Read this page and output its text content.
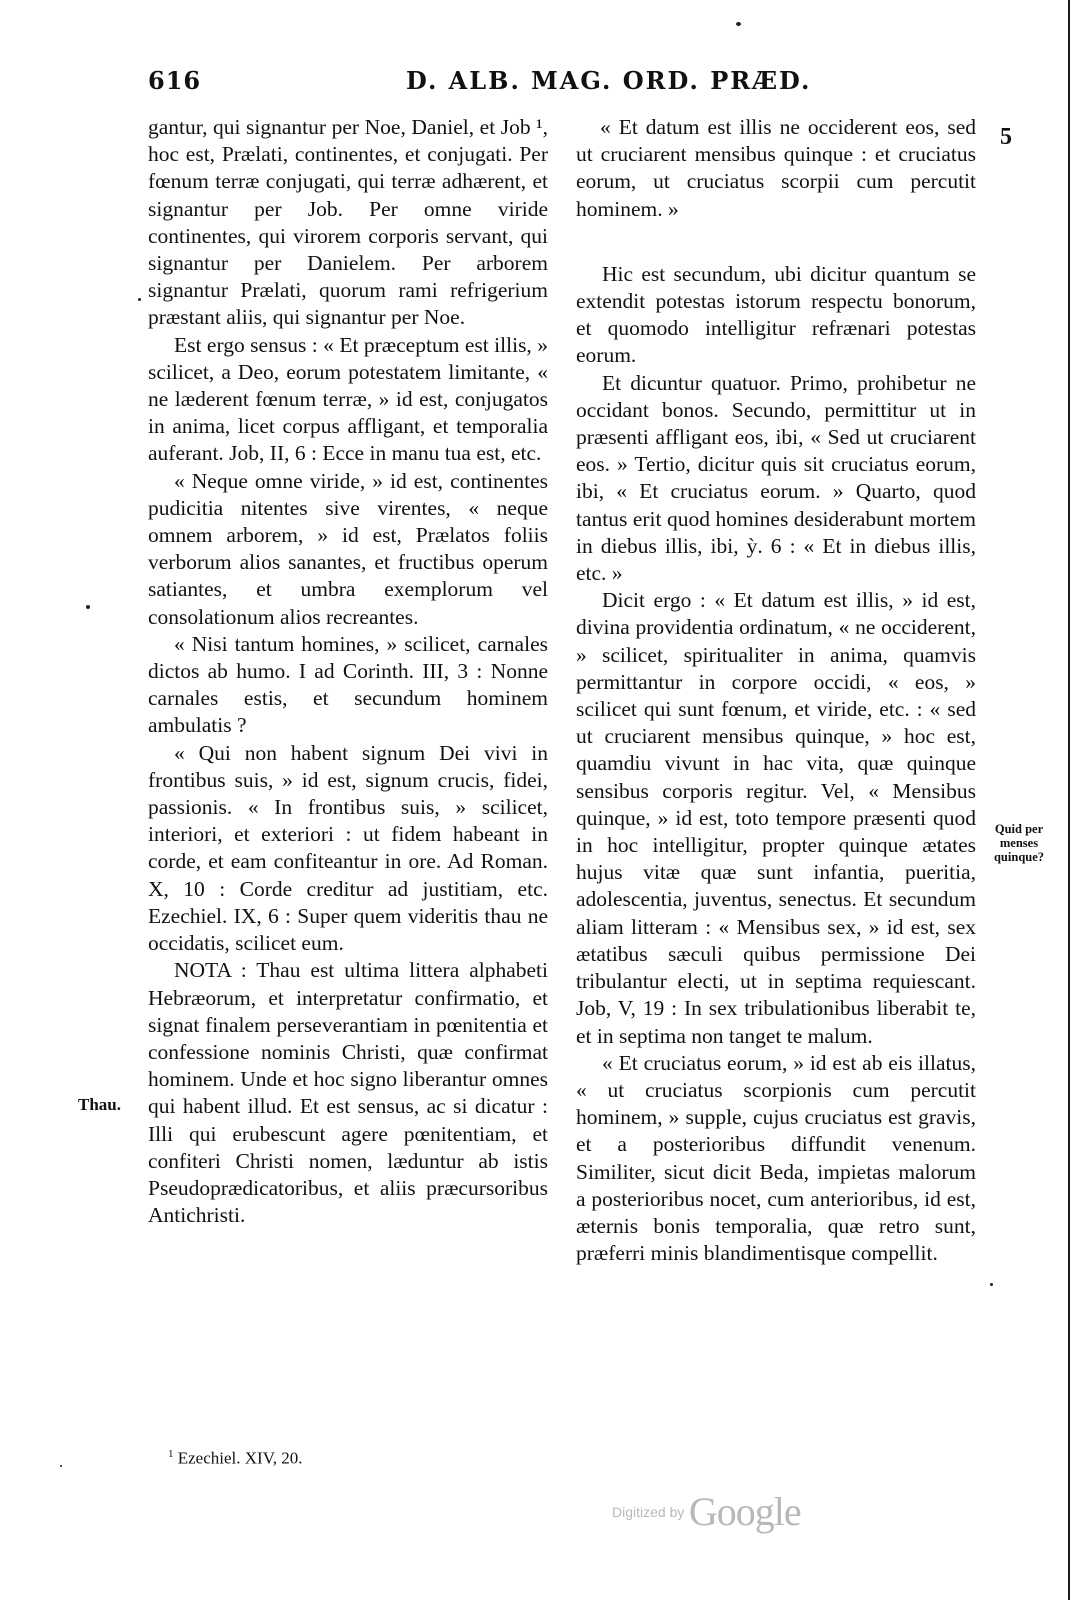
616	D. ALB. MAG. ORD. PRÆD.
5

gantur, qui signantur per Noe, Daniel, et Job ¹, hoc est, Prælati, continentes, et conjugati. Per fœnum terræ conjugati, qui terræ adhærent, et signantur per Job. Per omne viride continentes, qui virorem corporis servant, qui signantur per Danielem. Per arborem signantur Prælati, quorum rami refrigerium præstant aliis, qui signantur per Noe.

Est ergo sensus : « Et præceptum est illis, » scilicet, a Deo, eorum potestatem limitante, « ne læderent fœnum terræ, » id est, conjugatos in anima, licet corpus affligant, et temporalia auferant. Job, II, 6 : Ecce in manu tua est, etc.

« Neque omne viride, » id est, continentes pudicitia nitentes sive virentes, « neque omnem arborem, » id est, Prælatos foliis verborum alios sanantes, et fructibus operum satiantes, et umbra exemplorum vel consolationum alios recreantes.

« Nisi tantum homines, » scilicet, carnales dictos ab humo. I ad Corinth. III, 3 : Nonne carnales estis, et secundum hominem ambulatis ?

« Qui non habent signum Dei vivi in frontibus suis, » id est, signum crucis, fidei, passionis. « In frontibus suis, » scilicet, interiori, et exteriori : ut fidem habeant in corde, et eam confiteantur in ore. Ad Roman. X, 10 : Corde creditur ad justitiam, etc. Ezechiel. IX, 6 : Super quem videritis thau ne occidatis, scilicet eum.

NOTA : Thau est ultima littera alphabeti Hebræorum, et interpretatur confirmatio, et signat finalem perseverantiam in pœnitentia et confessione nominis Christi, quæ confirmat hominem. Unde et hoc signo liberantur omnes qui habent illud. Et est sensus, ac si dicatur : Illi qui erubescunt agere pœnitentiam, et confiteri Christi nomen, læduntur ab istis Pseudoprædicatoribus, et aliis præcursoribus Antichristi.

« Et datum est illis ne occiderent eos, sed ut cruciarent mensibus quinque : et cruciatus eorum, ut cruciatus scorpii cum percutit hominem. »

Hic est secundum, ubi dicitur quantum se extendit potestas istorum respectu bonorum, et quomodo intelligitur refrænari potestas eorum.

Et dicuntur quatuor. Primo, prohibetur ne occidant bonos. Secundo, permittitur ut in præsenti affligant eos, ibi, « Sed ut cruciarent eos. » Tertio, dicitur quis sit cruciatus eorum, ibi, « Et cruciatus eorum. » Quarto, quod tantus erit quod homines desiderabunt mortem in diebus illis, ibi, ỳ. 6 : « Et in diebus illis, etc. »

Dicit ergo : « Et datum est illis, » id est, divina providentia ordinatum, « ne occiderent, » scilicet, spiritualiter in anima, quamvis permittantur in corpore occidi, « eos, » scilicet qui sunt fœnum, et viride, etc. : « sed ut cruciarent mensibus quinque, » hoc est, quamdiu vivunt in hac vita, quæ quinque sensibus corporis regitur. Vel, « Mensibus quinque, » id est, toto tempore præsenti quod in hoc intelligitur, propter quinque ætates hujus vitæ quæ sunt infantia, pueritia, adolescentia, juventus, senectus. Et secundum aliam litteram : « Mensibus sex, » id est, sex ætatibus sæculi quibus permissione Dei tribulantur electi, ut in septima requiescant. Job, V, 19 : In sex tribulationibus liberabit te, et in septima non tanget te malum.

« Et cruciatus eorum, » id est ab eis illatus, « ut cruciatus scorpionis cum percutit hominem, » supple, cujus cruciatus est gravis, et a posterioribus diffundit venenum. Similiter, sicut dicit Beda, impietas malorum a posterioribus nocet, cum anterioribus, id est, æternis bonis temporalia, quæ retro sunt, præferri minis blandimentisque compellit.

Thau.
Quid per menses quinque?
$^1$ Ezechiel. XIV, 20.
Digitized by Google
